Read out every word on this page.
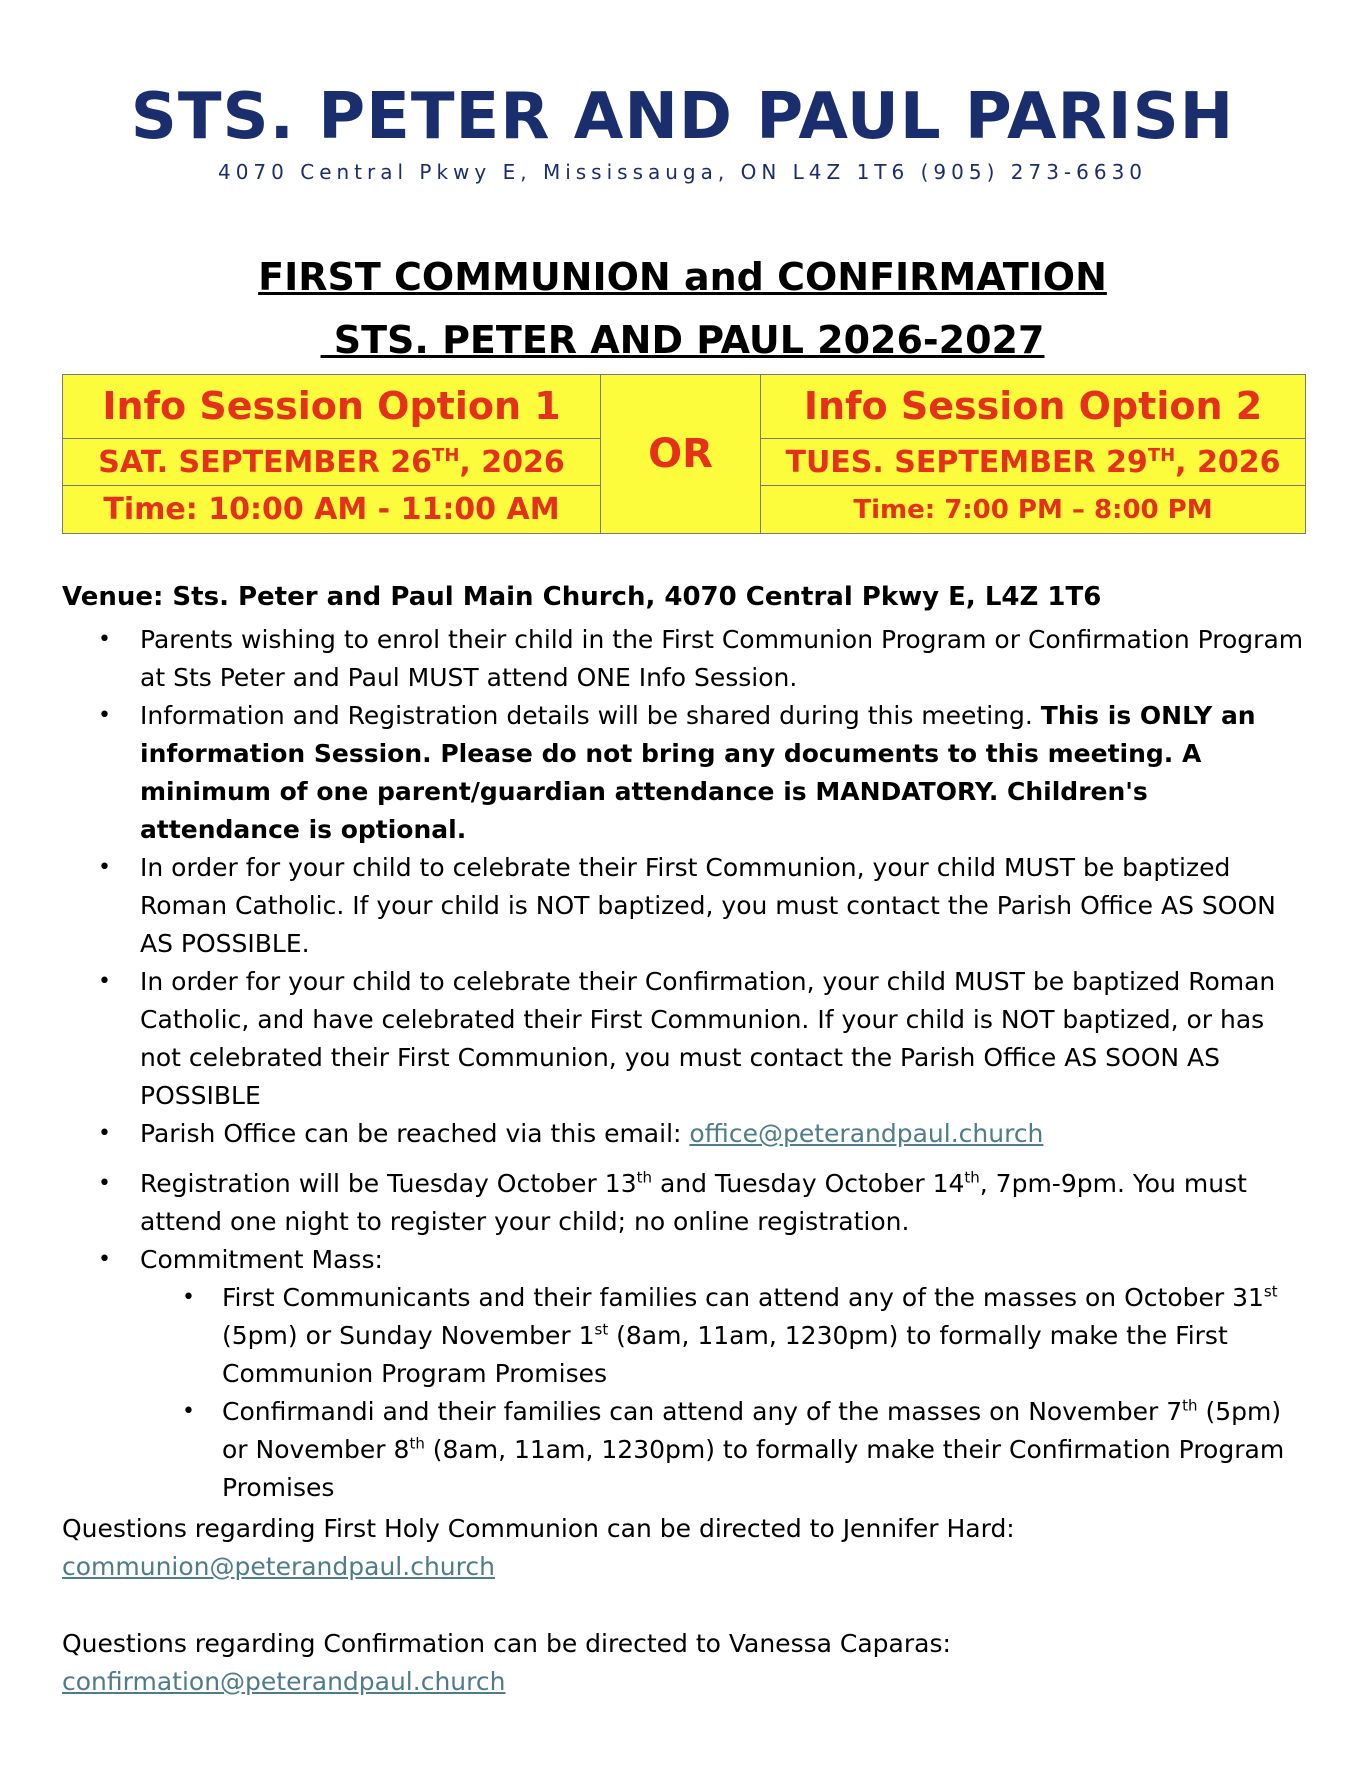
STS. PETER AND PAUL PARISH

4070 Central Pkwy E, Mississauga, ON L4Z 1T6 (905) 273-6630

FIRST COMMUNION and CONFIRMATION
STS. PETER AND PAUL 2026-2027
Info Session Option 1	OR	Info Session Option 2
SAT. SEPTEMBER 26TH, 2026		TUES. SEPTEMBER 29TH, 2026
Time: 10:00 AM - 11:00 AM		Time: 7:00 PM – 8:00 PM

Venue: Sts. Peter and Paul Main Church, 4070 Central Pkwy E, L4Z 1T6

• Parents wishing to enrol their child in the First Communion Program or Confirmation Program at Sts Peter and Paul MUST attend ONE Info Session.
• Information and Registration details will be shared during this meeting. This is ONLY an information Session. Please do not bring any documents to this meeting. A minimum of one parent/guardian attendance is MANDATORY. Children's attendance is optional.
• In order for your child to celebrate their First Communion, your child MUST be baptized Roman Catholic. If your child is NOT baptized, you must contact the Parish Office AS SOON AS POSSIBLE.
• In order for your child to celebrate their Confirmation, your child MUST be baptized Roman Catholic, and have celebrated their First Communion. If your child is NOT baptized, or has not celebrated their First Communion, you must contact the Parish Office AS SOON AS POSSIBLE
• Parish Office can be reached via this email: office@peterandpaul.church
• Registration will be Tuesday October 13th and Tuesday October 14th, 7pm-9pm. You must attend one night to register your child; no online registration.
• Commitment Mass:
• First Communicants and their families can attend any of the masses on October 31st (5pm) or Sunday November 1st (8am, 11am, 1230pm) to formally make the First Communion Program Promises
• Confirmandi and their families can attend any of the masses on November 7th (5pm) or November 8th (8am, 11am, 1230pm) to formally make their Confirmation Program Promises
Questions regarding First Holy Communion can be directed to Jennifer Hard:
communion@peterandpaul.church
Questions regarding Confirmation can be directed to Vanessa Caparas:
confirmation@peterandpaul.church
